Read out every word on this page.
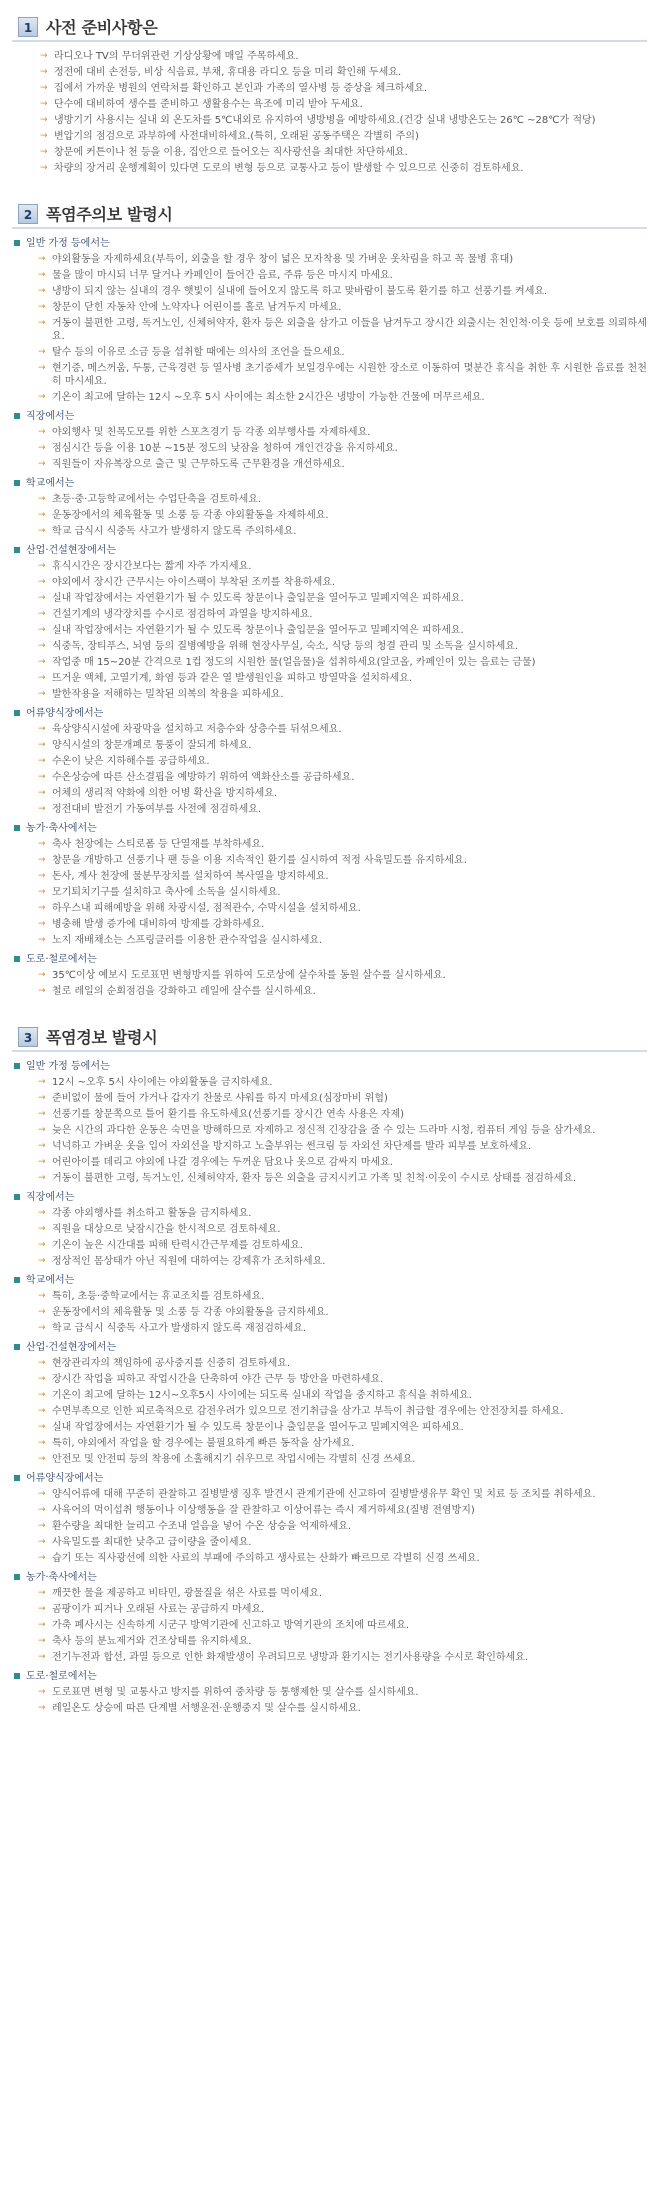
1 사전 준비사항은
→ 라디오나 TV의 무더위관련 기상상황에 매일 주목하세요.
→ 정전에 대비 손전등, 비상 식음료, 부채, 휴대용 라디오 등을 미리 확인해 두세요.
→ 집에서 가까운 병원의 연락처를 확인하고 본인과 가족의 열사병 등 증상을 체크하세요.
→ 단수에 대비하여 생수를 준비하고 생활용수는 욕조에 미리 받아 두세요.
→ 냉방기기 사용시는 실내 외 온도차를 5℃내외로 유지하여 냉방병을 예방하세요.(건강 실내 냉방온도는 26℃ ~28℃가 적당)
→ 변압기의 점검으로 과부하에 사전대비하세요.(특히, 오래된 공동주택은 각별히 주의)
→ 창문에 커튼이나 천 등을 이용, 집안으로 들어오는 직사광선을 최대한 차단하세요.
→ 차량의 장거리 운행계획이 있다면 도로의 변형 등으로 교통사고 등이 발생할 수 있으므로 신중히 검토하세요.
2 폭염주의보 발령시
일반 가정 등에서는
→ 야외활동을 자제하세요(부득이, 외출을 할 경우 창이 넓은 모자착용 및 가벼운 옷차림을 하고 꼭 물병 휴대)
→ 물을 많이 마시되 너무 달거나 카페인이 들어간 음료, 주류 등은 마시지 마세요.
→ 냉방이 되지 않는 실내의 경우 햇빛이 실내에 들어오지 않도록 하고 맞바람이 불도록 환기를 하고 선풍기를 켜세요.
→ 창문이 닫힌 자동차 안에 노약자나 어린이를 홀로 남겨두지 마세요.
→ 거동이 불편한 고령, 독거노인, 신체허약자, 환자 등은 외출을 삼가고 이들을 남겨두고 장시간 외출시는 친인척·이웃 등에 보호를 의뢰하세요.
→ 탈수 등의 이유로 소금 등을 섭취할 때에는 의사의 조언을 들으세요.
→ 현기증, 메스꺼움, 두통, 근육경련 등 열사병 초기증세가 보일경우에는 시원한 장소로 이동하여 몇분간 휴식을 취한 후 시원한 음료를 천천히 마시세요.
→ 기온이 최고에 달하는 12시 ~오후 5시 사이에는 최소한 2시간은 냉방이 가능한 건물에 머무르세요.
직장에서는
→ 야외행사 및 친목도모를 위한 스포츠경기 등 각종 외부행사를 자제하세요.
→ 점심시간 등을 이용 10분 ~15분 정도의 낮잠을 청하여 개인건강을 유지하세요.
→ 직원들이 자유복장으로 출근 및 근무하도록 근무환경을 개선하세요.
학교에서는
→ 초등·중·고등학교에서는 수업단축을 검토하세요.
→ 운동장에서의 체육활동 및 소풍 등 각종 야외활동을 자제하세요.
→ 학교 급식시 식중독 사고가 발생하지 않도록 주의하세요.
산업·건설현장에서는
→ 휴식시간은 장시간보다는 짧게 자주 가지세요.
→ 야외에서 장시간 근무시는 아이스팩이 부착된 조끼를 착용하세요.
→ 실내 작업장에서는 자연환기가 될 수 있도록 창문이나 출입문을 열어두고 밀폐지역은 피하세요.
→ 건설기계의 냉각장치를 수시로 점검하여 과열을 방지하세요.
→ 실내 작업장에서는 자연환기가 될 수 있도록 창문이나 출입문을 열어두고 밀폐지역은 피하세요.
→ 식중독, 장티푸스, 뇌염 등의 질병예방을 위해 현장사무실, 숙소, 식당 등의 청결 관리 및 소독을 실시하세요.
→ 작업중 매 15~20분 간격으로 1컵 정도의 시원한 물(얼음물)을 섭취하세요(알코올, 카페인이 있는 음료는 금물)
→ 뜨거운 액체, 고열기계, 화염 등과 같은 열 발생원인을 피하고 방열막을 설치하세요.
→ 발한작용을 저해하는 밀착된 의복의 착용을 피하세요.
어류양식장에서는
→ 육상양식시설에 차광막을 설치하고 저층수와 상층수를 뒤섞으세요.
→ 양식시설의 창문개폐로 통풍이 잘되게 하세요.
→ 수온이 낮은 지하해수를 공급하세요.
→ 수온상승에 따른 산소결핍을 예방하기 위하여 액화산소를 공급하세요.
→ 어체의 생리적 약화에 의한 어병 확산을 방지하세요.
→ 정전대비 발전기 가동여부를 사전에 점검하세요.
농가·축사에서는
→ 축사 천장에는 스티로폼 등 단열재를 부착하세요.
→ 창문을 개방하고 선풍기나 팬 등을 이용 지속적인 환기를 실시하여 적정 사육밀도를 유지하세요.
→ 돈사, 계사 천장에 물분무장치를 설치하여 복사열을 방지하세요.
→ 모기퇴치기구를 설치하고 축사에 소독을 실시하세요.
→ 하우스내 피해예방을 위해 차광시설, 점적관수, 수막시설을 설치하세요.
→ 병충해 발생 증가에 대비하여 방제를 강화하세요.
→ 노지 재배채소는 스프링클러를 이용한 관수작업을 실시하세요.
도로·철로에서는
→ 35℃이상 예보시 도로표면 변형방지를 위하여 도로상에 살수차를 동원 살수를 실시하세요.
→ 철로 레일의 순회점검을 강화하고 레일에 살수를 실시하세요.
3 폭염경보 발령시
일반 가정 등에서는
→ 12시 ~오후 5시 사이에는 야외활동을 금지하세요.
→ 준비없이 물에 들어 가거나 갑자기 찬물로 샤워를 하지 마세요(심장마비 위험)
→ 선풍기를 창문쪽으로 틀어 환기를 유도하세요(선풍기를 장시간 연속 사용은 자제)
→ 늦은 시간의 과다한 운동은 숙면을 방해하므로 자제하고 정신적 긴장감을 줄 수 있는 드라마 시청, 컴퓨터 게임 등을 삼가세요.
→ 넉넉하고 가벼운 옷을 입어 자외선을 방지하고 노출부위는 썬크림 등 자외선 차단제를 발라 피부를 보호하세요.
→ 어린아이를 데리고 야외에 나갈 경우에는 두꺼운 담요나 옷으로 감싸지 마세요.
→ 거동이 불편한 고령, 독거노인, 신체허약자, 환자 등은 외출을 금지시키고 가족 및 친척·이웃이 수시로 상태를 점검하세요.
직장에서는
→ 각종 야외행사를 취소하고 활동을 금지하세요.
→ 직원을 대상으로 낮잠시간을 한시적으로 검토하세요.
→ 기온이 높은 시간대를 피해 탄력시간근무제를 검토하세요.
→ 정상적인 몸상태가 아닌 직원에 대하여는 강제휴가 조치하세요.
학교에서는
→ 특히, 초등·중학교에서는 휴교조치를 검토하세요.
→ 운동장에서의 체육활동 및 소풍 등 각종 야외활동을 금지하세요.
→ 학교 급식시 식중독 사고가 발생하지 않도록 재점검하세요.
산업·건설현장에서는
→ 현장관리자의 책임하에 공사중지를 신중히 검토하세요.
→ 장시간 작업을 피하고 작업시간을 단축하여 야간 근무 등 방안을 마련하세요.
→ 기온이 최고에 달하는 12시~오후5시 사이에는 되도록 실내외 작업을 중지하고 휴식을 취하세요.
→ 수면부족으로 인한 피로축적으로 감전우려가 있으므로 전기취급을 삼가고 부득이 취급할 경우에는 안전장치를 하세요.
→ 실내 작업장에서는 자연환기가 될 수 있도록 창문이나 출입문을 열어두고 밀폐지역은 피하세요.
→ 특히, 야외에서 작업을 할 경우에는 불필요하게 빠른 동작을 삼가세요.
→ 안전모 및 안전띠 등의 착용에 소홀해지기 쉬우므로 작업시에는 각별히 신경 쓰세요.
어류양식장에서는
→ 양식어류에 대해 꾸준히 관찰하고 질병발생 징후 발견시 관계기관에 신고하여 질병발생유무 확인 및 치료 등 조치를 취하세요.
→ 사육어의 먹이섭취 행동이나 이상행동을 잘 관찰하고 이상어류는 즉시 제거하세요(질병 전염방지)
→ 환수량을 최대한 늘리고 수조내 얼음을 넣어 수온 상승을 억제하세요.
→ 사육밀도를 최대한 낮추고 급이량을 줄이세요.
→ 습기 또는 직사광선에 의한 사료의 부패에 주의하고 생사료는 산화가 빠르므로 각별히 신경 쓰세요.
농가·축사에서는
→ 깨끗한 물을 제공하고 비타민, 광물질을 섞은 사료를 먹이세요.
→ 곰팡이가 피거나 오래된 사료는 공급하지 마세요.
→ 가축 폐사시는 신속하게 시군구 방역기관에 신고하고 방역기관의 조치에 따르세요.
→ 축사 등의 분뇨제거와 건조상태를 유지하세요.
→ 전기누전과 합선, 과열 등으로 인한 화재발생이 우려되므로 냉방과 환기시는 전기사용량을 수시로 확인하세요.
도로·철로에서는
→ 도로표면 변형 및 교통사고 방지를 위하여 중차량 등 통행제한 및 살수를 실시하세요.
→ 레일온도 상승에 따른 단계별 서행운전·운행중지 및 살수를 실시하세요.
